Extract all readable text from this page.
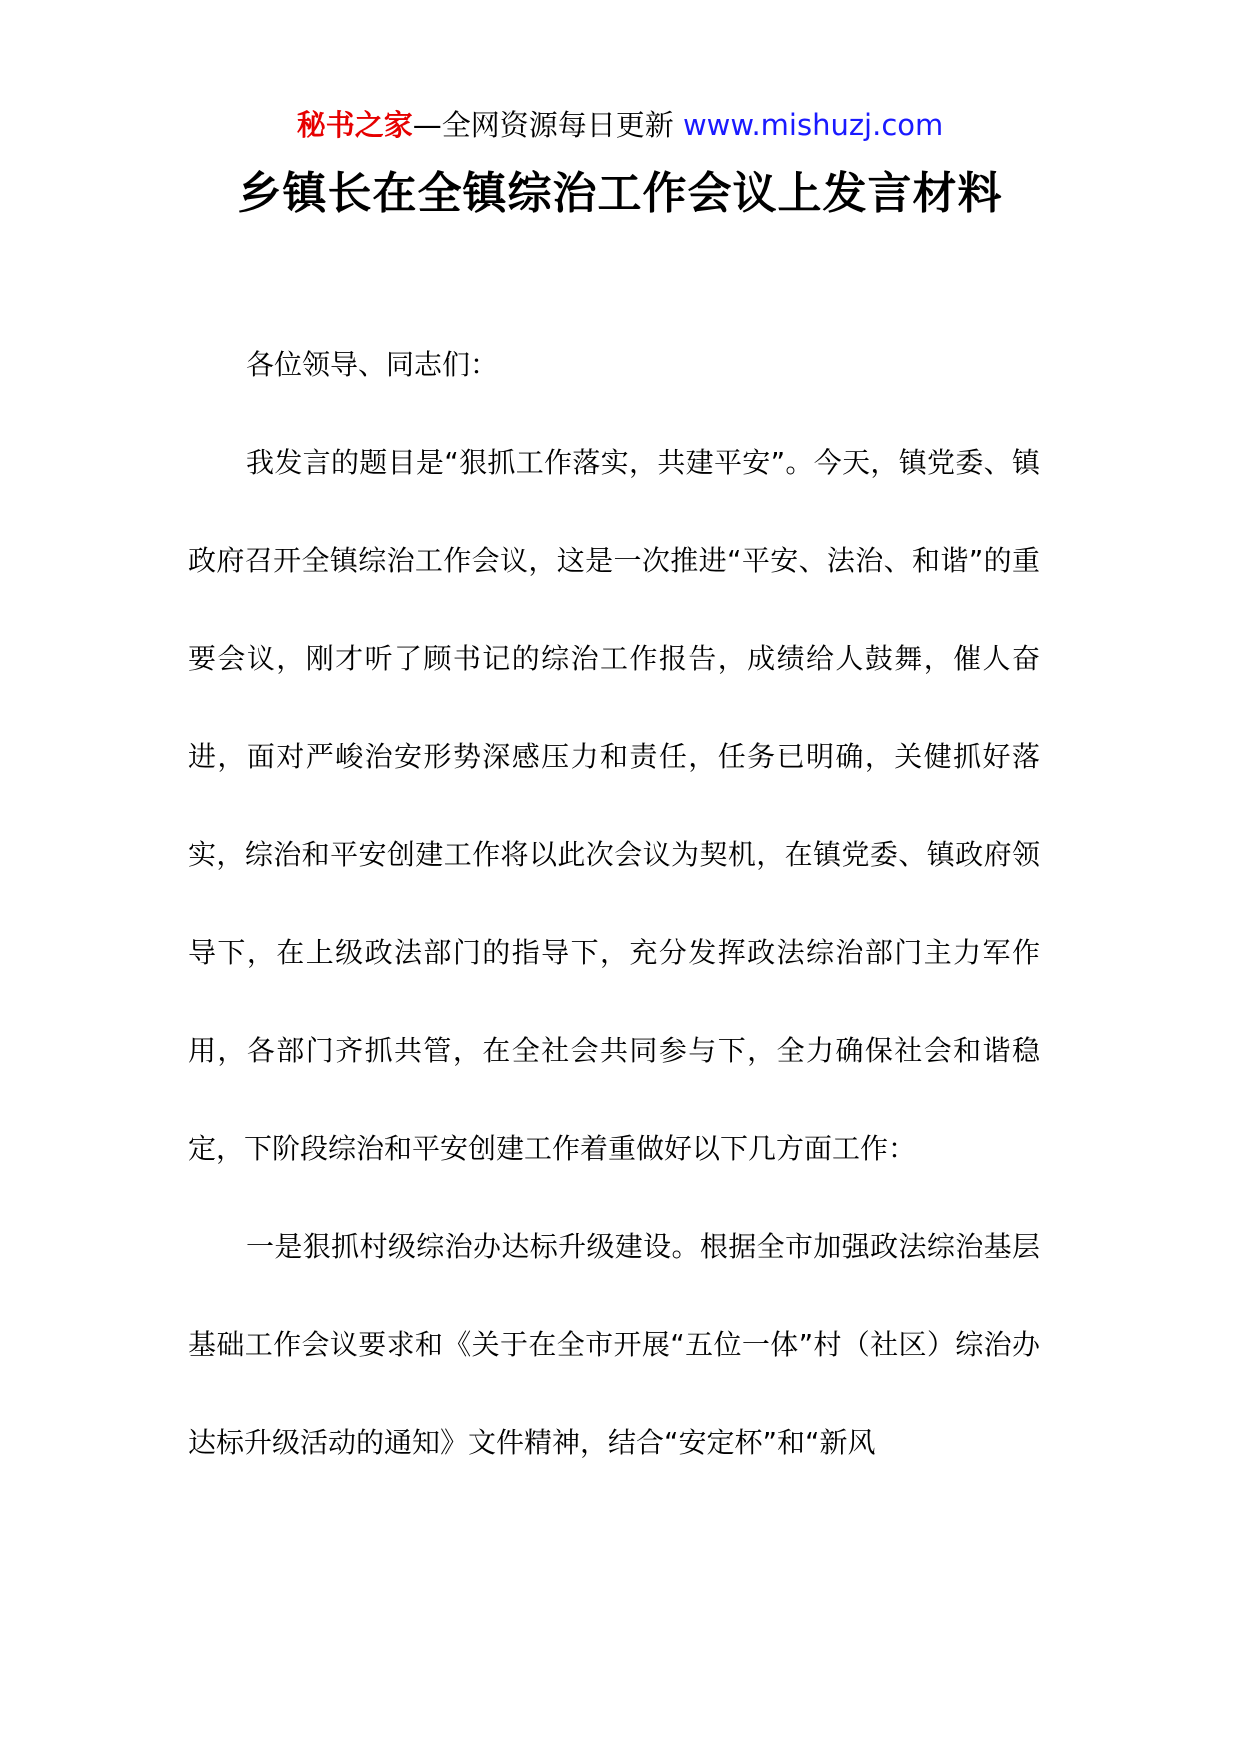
秘书之家—全网资源每日更新 www.mishuzj.com
乡镇长在全镇综治工作会议上发言材料

各位领导、同志们：

我发言的题目是“狠抓工作落实，共建平安”。今天，镇党委、镇政府召开全镇综治工作会议，这是一次推进“平安、法治、和谐”的重要会议，刚才听了顾书记的综治工作报告，成绩给人鼓舞，催人奋进，面对严峻治安形势深感压力和责任，任务已明确，关健抓好落实，综治和平安创建工作将以此次会议为契机，在镇党委、镇政府领导下，在上级政法部门的指导下，充分发挥政法综治部门主力军作用，各部门齐抓共管，在全社会共同参与下，全力确保社会和谐稳定，下阶段综治和平安创建工作着重做好以下几方面工作：

一是狠抓村级综治办达标升级建设。根据全市加强政法综治基层基础工作会议要求和《关于在全市开展“五位一体”村（社区）综治办达标升级活动的通知》文件精神，结合“安定杯”和“新风
